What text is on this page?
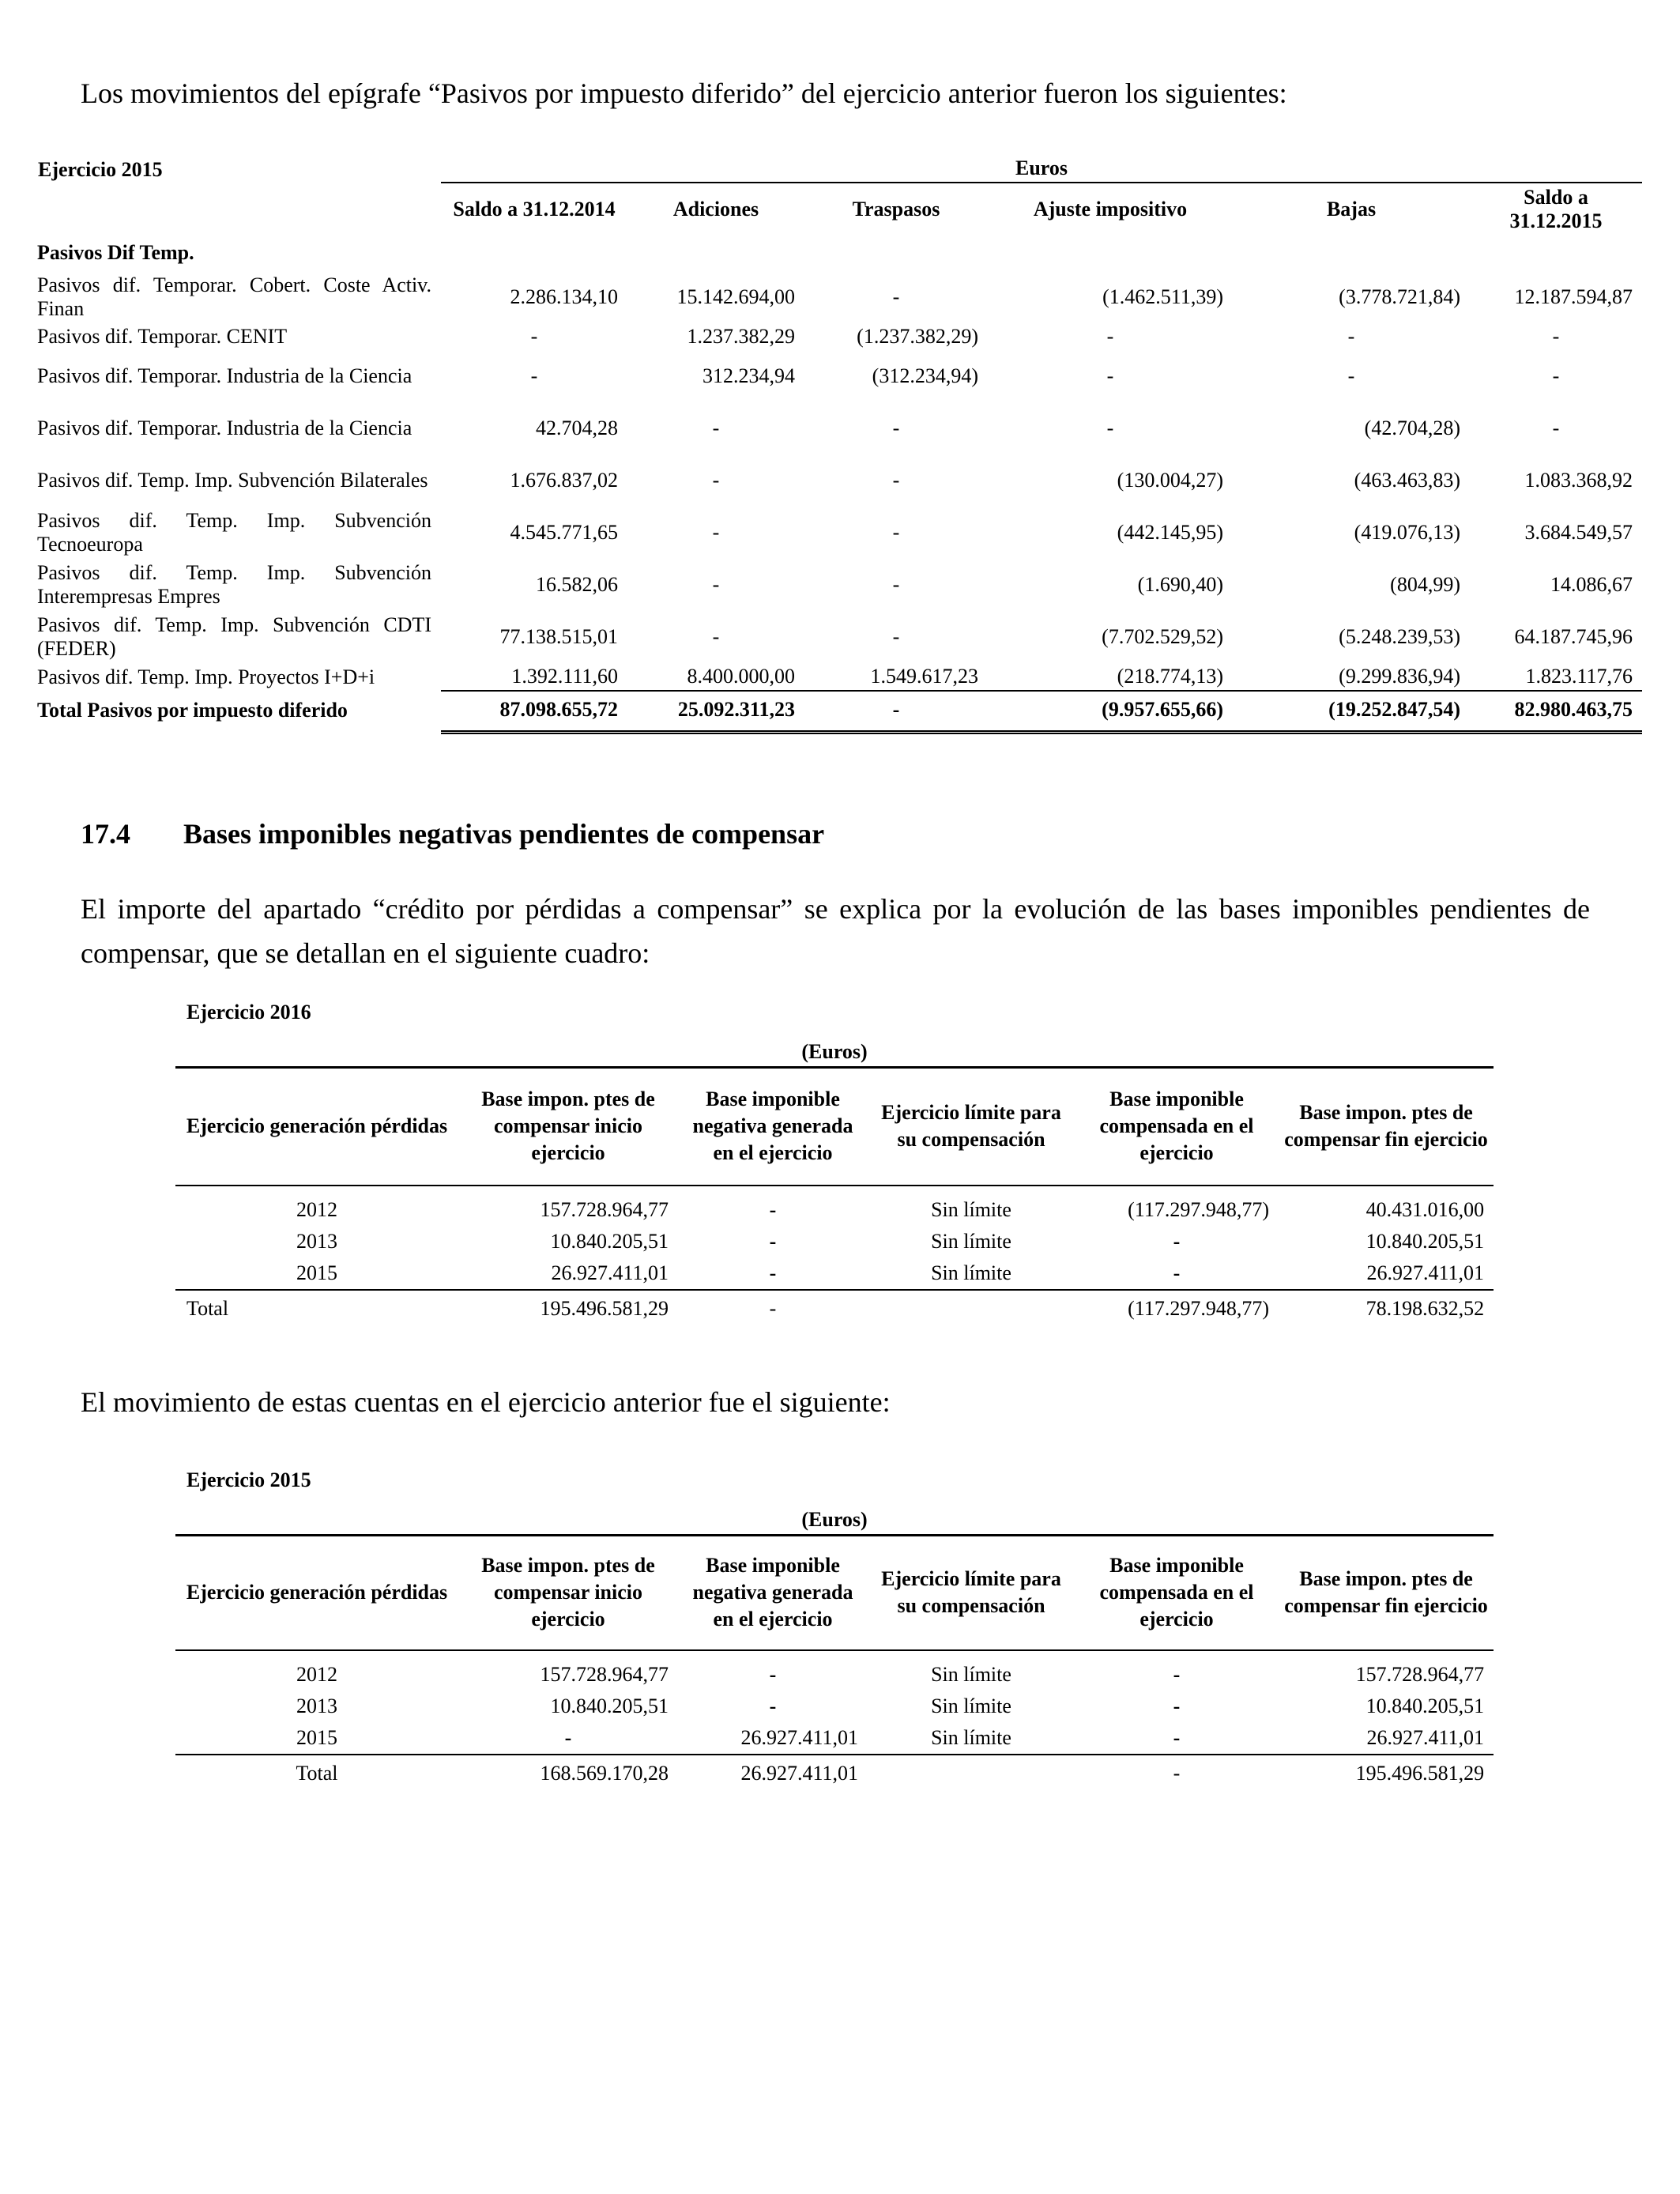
Los movimientos del epígrafe “Pasivos por impuesto diferido” del ejercicio anterior fueron los siguientes:

Ejercicio 2015
		Euros					
	Saldo a 31.12.2014	Adiciones	Traspasos	Ajuste impositivo	Bajas	Saldo a 31.12.2015
Pasivos Dif Temp.						
Pasivos dif. Temporar. Cobert. Coste Activ. Finan	2.286.134,10	15.142.694,00	-	(1.462.511,39)	(3.778.721,84)	12.187.594,87
Pasivos dif. Temporar. CENIT	-	1.237.382,29	(1.237.382,29)	-	-	-
Pasivos dif. Temporar. Industria de la Ciencia	-	312.234,94	(312.234,94)	-	-	-
Pasivos dif. Temporar. Industria de la Ciencia	42.704,28	-	-	-	(42.704,28)	-
Pasivos dif. Temp. Imp. Subvención Bilaterales	1.676.837,02	-	-	(130.004,27)	(463.463,83)	1.083.368,92
Pasivos dif. Temp. Imp. Subvención Tecnoeuropa	4.545.771,65	-	-	(442.145,95)	(419.076,13)	3.684.549,57
Pasivos dif. Temp. Imp. Subvención Interempresas Empres	16.582,06	-	-	(1.690,40)	(804,99)	14.086,67
Pasivos dif. Temp. Imp. Subvención CDTI (FEDER)	77.138.515,01	-	-	(7.702.529,52)	(5.248.239,53)	64.187.745,96
Pasivos dif. Temp. Imp. Proyectos I+D+i	1.392.111,60	8.400.000,00	1.549.617,23	(218.774,13)	(9.299.836,94)	1.823.117,76
Total Pasivos por impuesto diferido	87.098.655,72	25.092.311,23	-	(9.957.655,66)	(19.252.847,54)	82.980.463,75
17.4 Bases imponibles negativas pendientes de compensar

El importe del apartado “crédito por pérdidas a compensar” se explica por la evolución de las bases imponibles pendientes de compensar, que se detallan en el siguiente cuadro:

Ejercicio 2016
(Euros)					
Ejercicio generación pérdidas	Base impon. ptes de compensar inicio ejercicio	Base imponible negativa generada en el ejercicio	Ejercicio límite para su compensación	Base imponible compensada en el ejercicio	Base impon. ptes de compensar fin ejercicio
2012	157.728.964,77	-	Sin límite	(117.297.948,77)	40.431.016,00
2013	10.840.205,51	-	Sin límite	-	10.840.205,51
2015	26.927.411,01	-	Sin límite	-	26.927.411,01
Total	195.496.581,29	-		(117.297.948,77)	78.198.632,52

El movimiento de estas cuentas en el ejercicio anterior fue el siguiente:

Ejercicio 2015
(Euros)					
Ejercicio generación pérdidas	Base impon. ptes de compensar inicio ejercicio	Base imponible negativa generada en el ejercicio	Ejercicio límite para su compensación	Base imponible compensada en el ejercicio	Base impon. ptes de compensar fin ejercicio
2012	157.728.964,77	-	Sin límite	-	157.728.964,77
2013	10.840.205,51	-	Sin límite	-	10.840.205,51
2015	-	26.927.411,01	Sin límite	-	26.927.411,01
Total	168.569.170,28	26.927.411,01		-	195.496.581,29
